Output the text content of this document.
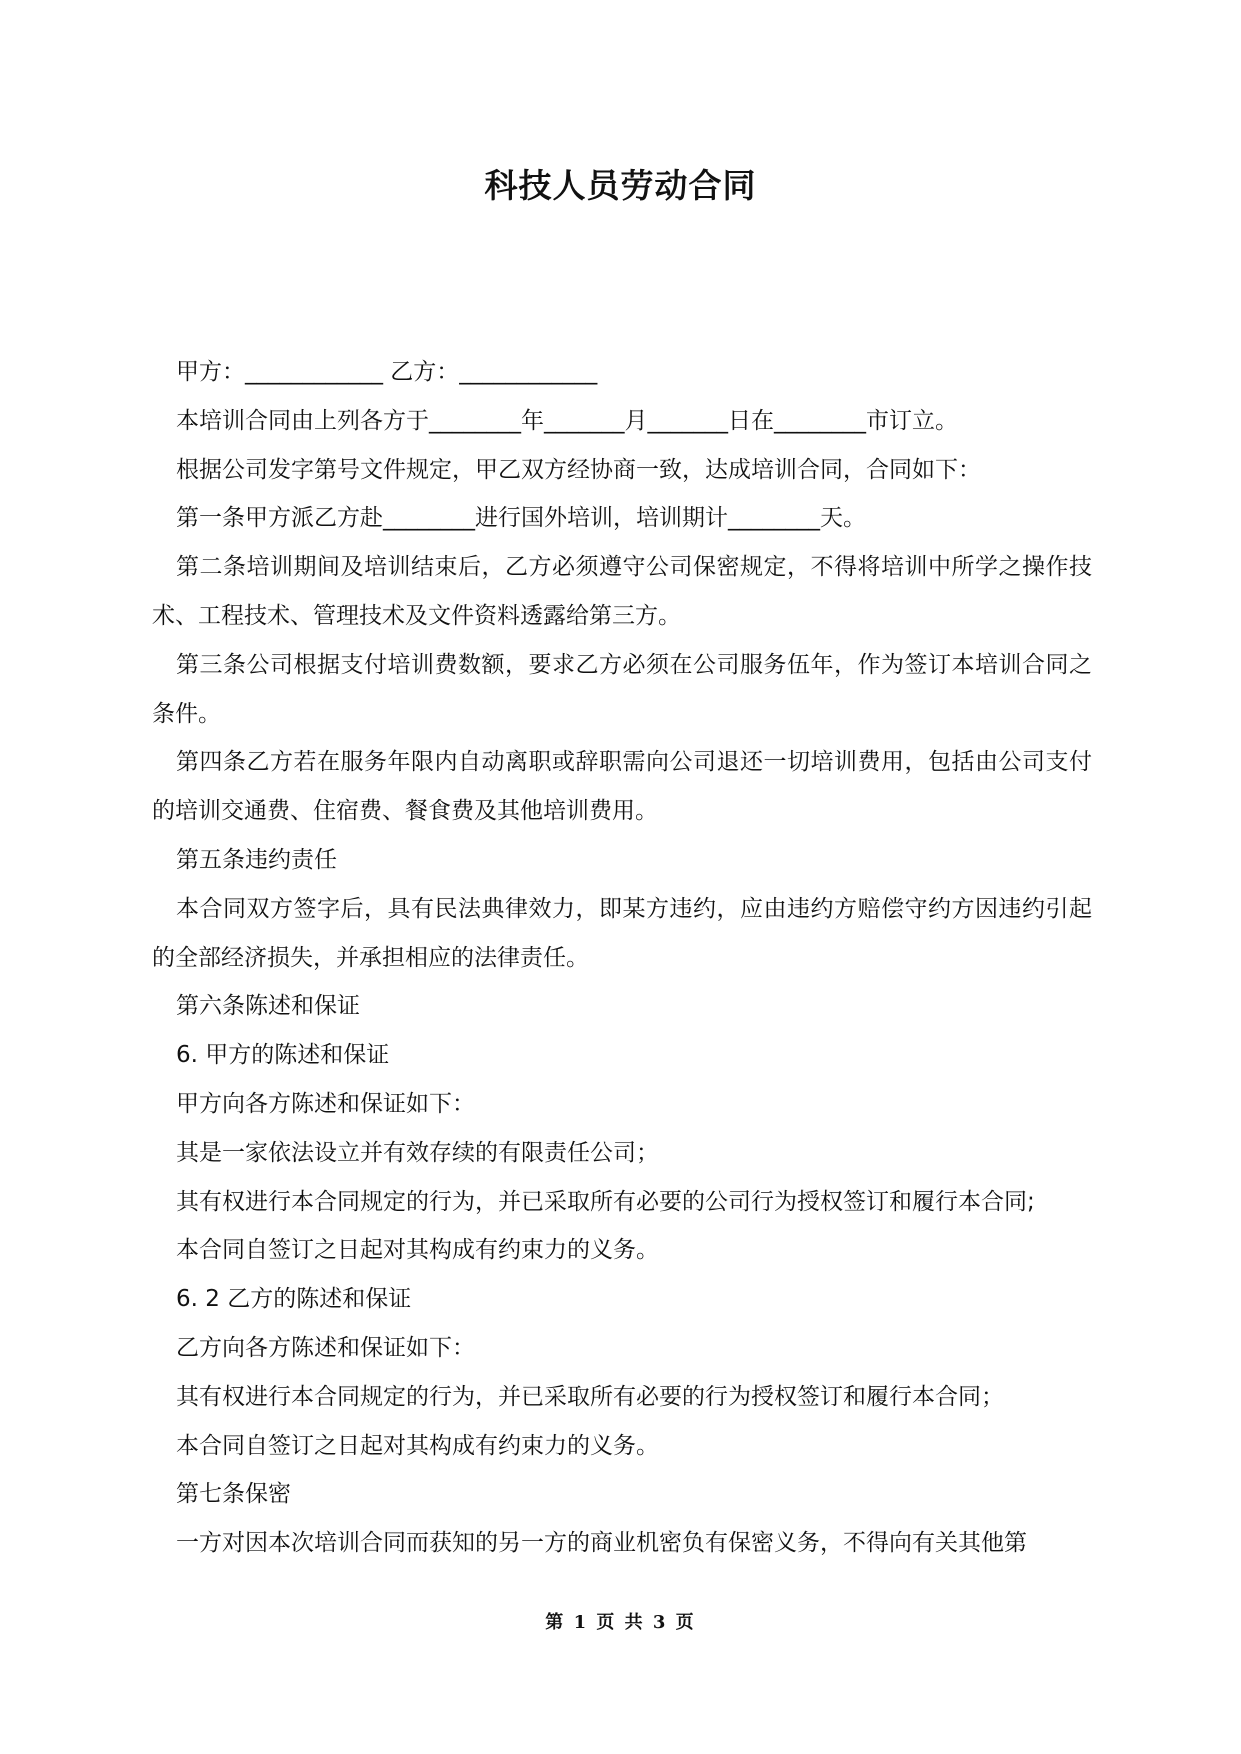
科技人员劳动合同

甲方：____________ 乙方：____________

本培训合同由上列各方于________年_______月_______日在________市订立。

根据公司发字第号文件规定，甲乙双方经协商一致，达成培训合同，合同如下：

第一条甲方派乙方赴________进行国外培训，培训期计________天。

第二条培训期间及培训结束后，乙方必须遵守公司保密规定，不得将培训中所学之操作技术、工程技术、管理技术及文件资料透露给第三方。

第三条公司根据支付培训费数额，要求乙方必须在公司服务伍年，作为签订本培训合同之条件。

第四条乙方若在服务年限内自动离职或辞职需向公司退还一切培训费用，包括由公司支付的培训交通费、住宿费、餐食费及其他培训费用。

第五条违约责任

本合同双方签字后，具有民法典律效力，即某方违约，应由违约方赔偿守约方因违约引起的全部经济损失，并承担相应的法律责任。

第六条陈述和保证

6. 甲方的陈述和保证

甲方向各方陈述和保证如下：

其是一家依法设立并有效存续的有限责任公司；

其有权进行本合同规定的行为，并已采取所有必要的公司行为授权签订和履行本合同;

本合同自签订之日起对其构成有约束力的义务。

6. 2 乙方的陈述和保证

乙方向各方陈述和保证如下：

其有权进行本合同规定的行为，并已采取所有必要的行为授权签订和履行本合同；

本合同自签订之日起对其构成有约束力的义务。

第七条保密

一方对因本次培训合同而获知的另一方的商业机密负有保密义务，不得向有关其他第

第 1 页 共 3 页
